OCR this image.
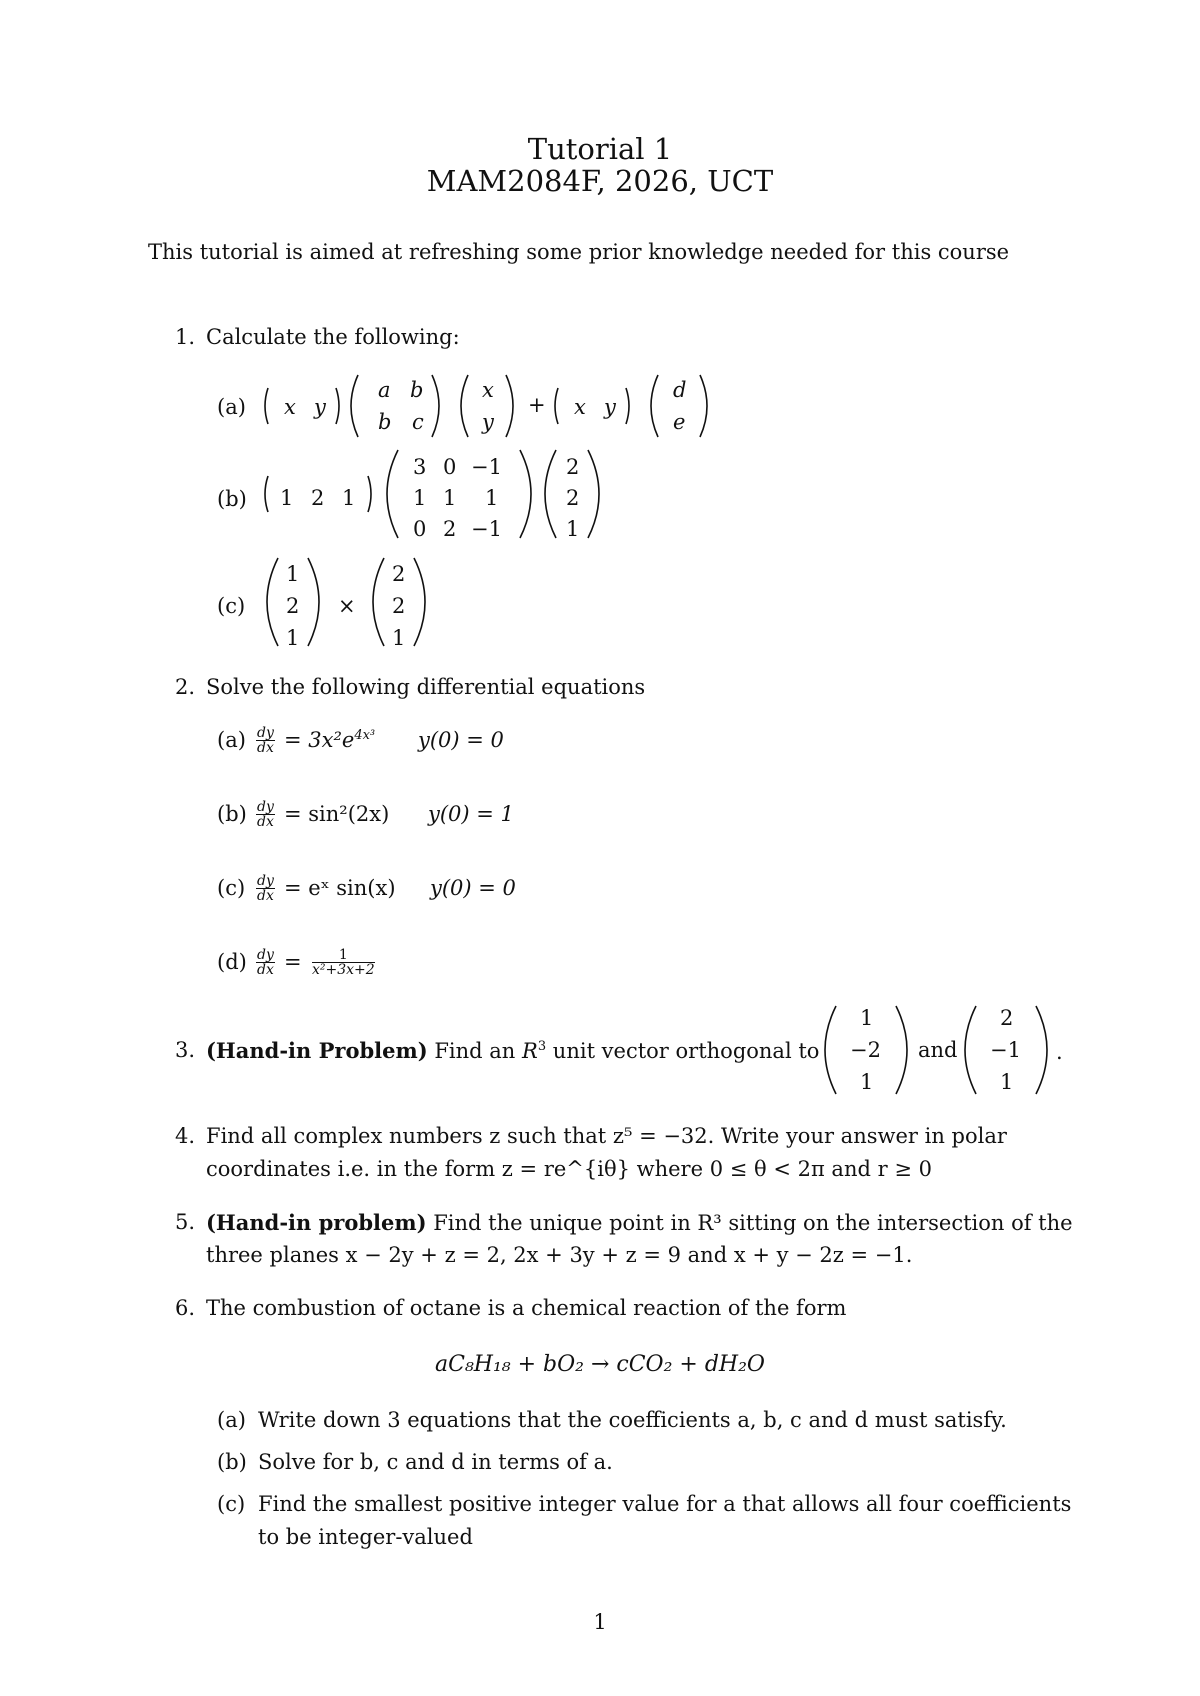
Tutorial 1
MAM2084F, 2026, UCT
This tutorial is aimed at refreshing some prior knowledge needed for this course
1. Calculate the following:
(a) x y
a b
b c
x
y
+ x y
d
e
(b) 1 2 1
3 0 −1
1 1 1
0 2 −1
2
2
1
(c)
1
2
1
×
2
2
1
2. Solve the following differential equations
$(a) \frac{dy}{dx} = 3x^2e^{4x^3}$ y(0) = 0
$(b) \frac{dy}{dx} = \sin^2(2x) y(0) = 1$
$(c) \frac{dy}{dx}$ = eˣ sin(x) y(0) = 0
$(d) \frac{dy}{dx} = \frac{1}{\text{x²+3x+2}}$
3. (Hand-in Problem) Find an $R^3$ unit vector orthogonal to
1
−2
1
and
2
−1
1
.
4. Find all complex numbers z such that z⁵ = −32. Write your answer in polar
coordinates i.e. in the form z = re^{iθ} where 0 ≤ θ < 2π and r ≥ 0
5. (Hand-in problem) Find the unique point in R³ sitting on the intersection of the
three planes x − 2y + z = 2, 2x + 3y + z = 9 and x + y − 2z = −1.
6. The combustion of octane is a chemical reaction of the form
aC₈H₁₈ + bO₂ → cCO₂ + dH₂O
(a) Write down 3 equations that the coefficients a, b, c and d must satisfy.
(b) Solve for b, c and d in terms of a.
(c) Find the smallest positive integer value for a that allows all four coefficients
to be integer-valued
1
